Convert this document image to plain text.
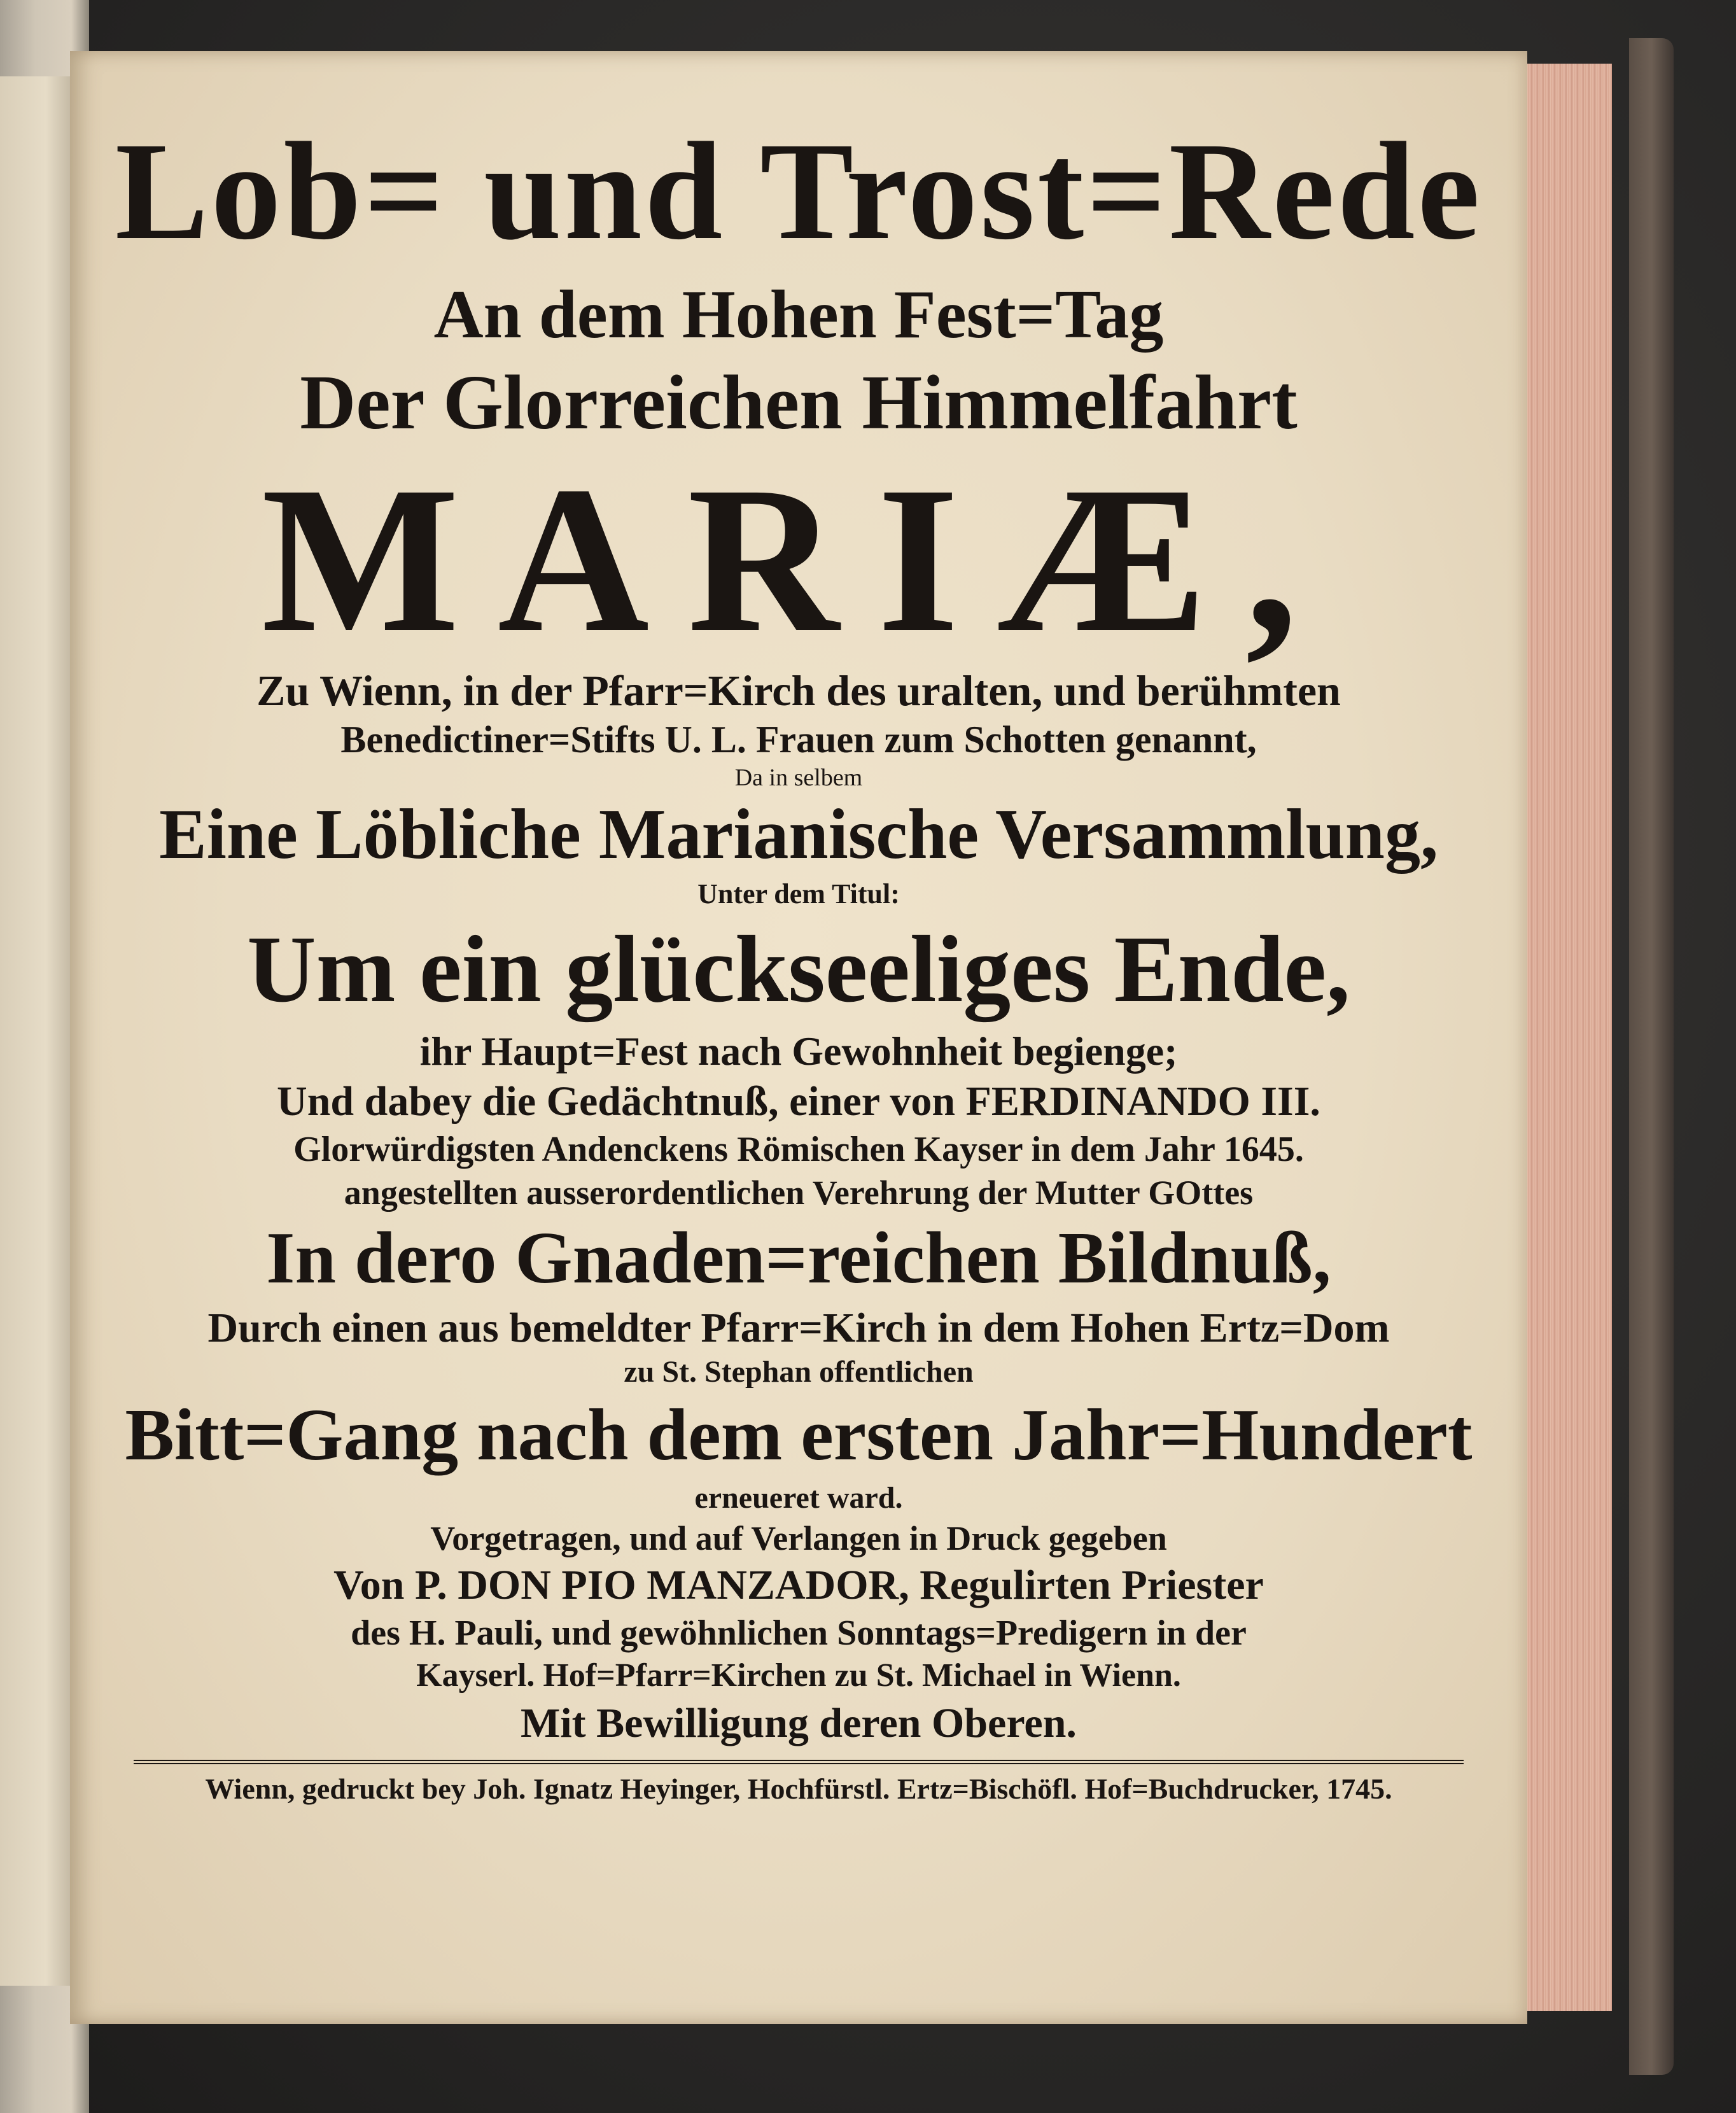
Lob= und Trost=Rede
An dem Hohen Fest=Tag
Der Glorreichen Himmelfahrt
MARIÆ,
Zu Wienn, in der Pfarr=Kirch des uralten, und berühmten
Benedictiner=Stifts U. L. Frauen zum Schotten genannt,
Da in selbem
Eine Löbliche Marianische Versammlung,
Unter dem Titul:
Um ein glückseeliges Ende,
ihr Haupt=Fest nach Gewohnheit begienge;
Und dabey die Gedächtnuß, einer von FERDINANDO III.
Glorwürdigsten Andenckens Römischen Kayser in dem Jahr 1645.
angestellten ausserordentlichen Verehrung der Mutter GOttes
In dero Gnaden=reichen Bildnuß,
Durch einen aus bemeldter Pfarr=Kirch in dem Hohen Ertz=Dom
zu St. Stephan offentlichen
Bitt=Gang nach dem ersten Jahr=Hundert
erneueret ward.
Vorgetragen, und auf Verlangen in Druck gegeben
Von P. DON PIO MANZADOR, Regulirten Priester
des H. Pauli, und gewöhnlichen Sonntags=Predigern in der
Kayserl. Hof=Pfarr=Kirchen zu St. Michael in Wienn.
Mit Bewilligung deren Oberen.
Wienn, gedruckt bey Joh. Ignatz Heyinger, Hochfürstl. Ertz=Bischöfl. Hof=Buchdrucker, 1745.
